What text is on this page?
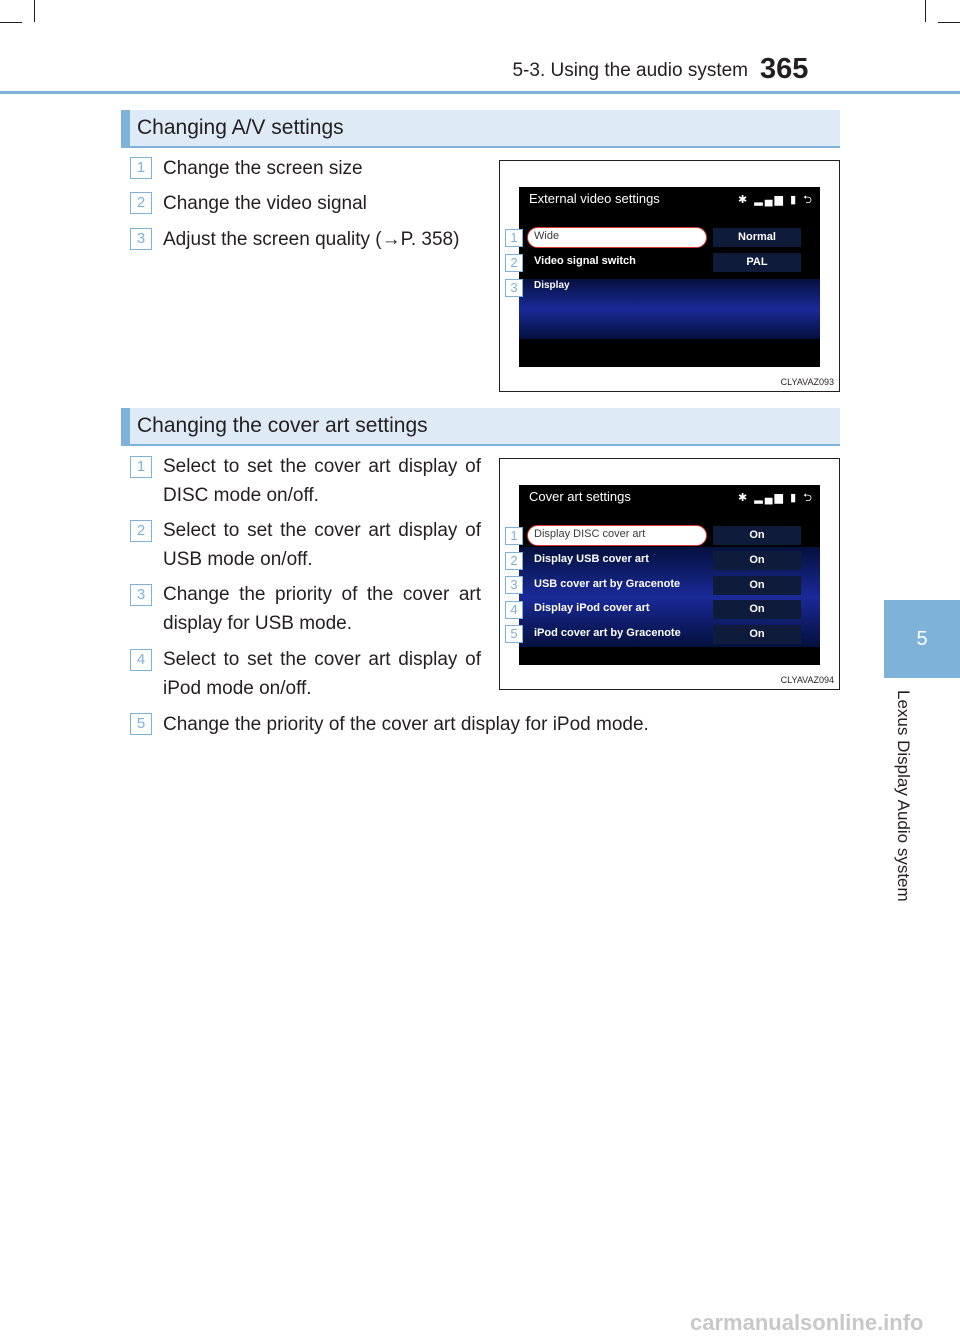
5-3. Using the audio system 365
5
Lexus Display Audio system
Changing A/V settings
1 Change the screen size
2 Change the video signal
3 Adjust the screen quality (→P. 358)
External video settings	✱ ▂▄▆ ▮ ⮌
Wide	Normal
Video signal switch	PAL
Display
1
2
3
CLYAVAZ093
Changing the cover art settings
1 Select to set the cover art display of DISC mode on/off.
2 Select to set the cover art display of USB mode on/off.
3 Change the priority of the cover art display for USB mode.
4 Select to set the cover art display of iPod mode on/off.
5 Change the priority of the cover art display for iPod mode.
Cover art settings	✱ ▂▄▆ ▮ ⮌
Display DISC cover art	On
Display USB cover art	On
USB cover art by Gracenote	On
Display iPod cover art	On
iPod cover art by Gracenote	On
1
2
3
4
5
CLYAVAZ094
carmanualsonline.info
